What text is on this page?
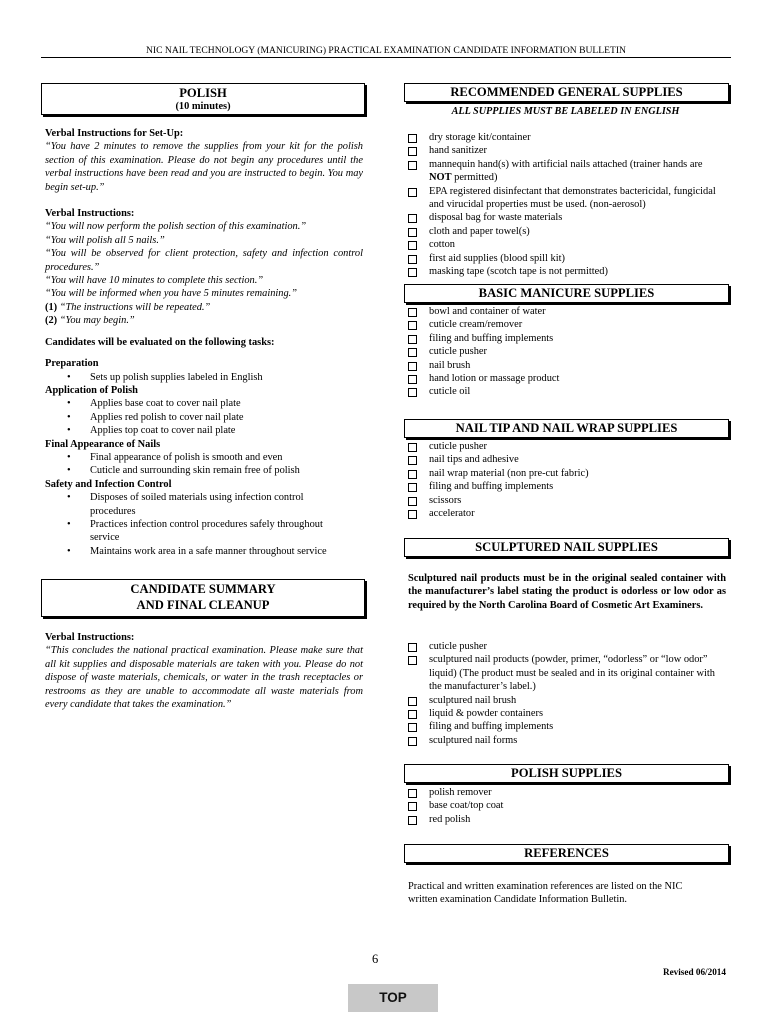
NIC NAIL TECHNOLOGY (MANICURING) PRACTICAL EXAMINATION CANDIDATE INFORMATION BULLETIN
POLISH
(10 minutes)

Verbal Instructions for Set-Up:

“You have 2 minutes to remove the supplies from your kit for the polish section of this examination. Please do not begin any procedures until the verbal instructions have been read and you are instructed to begin. You may begin set-up.”

Verbal Instructions:

“You will now perform the polish section of this examination.”

“You will polish all 5 nails.”

“You will be observed for client protection, safety and infection control procedures.”

“You will have 10 minutes to complete this section.”

“You will be informed when you have 5 minutes remaining.”

(1) “The instructions will be repeated.”

(2) “You may begin.”

Candidates will be evaluated on the following tasks:

Preparation

• Sets up polish supplies labeled in English

Application of Polish

• Applies base coat to cover nail plate
• Applies red polish to cover nail plate
• Applies top coat to cover nail plate

Final Appearance of Nails

• Final appearance of polish is smooth and even
• Cuticle and surrounding skin remain free of polish

Safety and Infection Control

• Disposes of soiled materials using infection control procedures
• Practices infection control procedures safely throughout service
• Maintains work area in a safe manner throughout service
CANDIDATE SUMMARY
AND FINAL CLEANUP

Verbal Instructions:

“This concludes the national practical examination. Please make sure that all kit supplies and disposable materials are taken with you. Please do not dispose of waste materials, chemicals, or water in the trash receptacles or restrooms as they are unable to accommodate all waste materials from every candidate that takes the examination.”

RECOMMENDED GENERAL SUPPLIES
ALL SUPPLIES MUST BE LABELED IN ENGLISH
dry storage kit/container
hand sanitizer
mannequin hand(s) with artificial nails attached (trainer hands are NOT permitted)
EPA registered disinfectant that demonstrates bactericidal, fungicidal and virucidal properties must be used. (non-aerosol)
disposal bag for waste materials
cloth and paper towel(s)
cotton
first aid supplies (blood spill kit)
masking tape (scotch tape is not permitted)
BASIC MANICURE SUPPLIES
bowl and container of water
cuticle cream/remover
filing and buffing implements
cuticle pusher
nail brush
hand lotion or massage product
cuticle oil
NAIL TIP AND NAIL WRAP SUPPLIES
cuticle pusher
nail tips and adhesive
nail wrap material (non pre-cut fabric)
filing and buffing implements
scissors
accelerator
SCULPTURED NAIL SUPPLIES

Sculptured nail products must be in the original sealed container with the manufacturer’s label stating the product is odorless or low odor as required by the North Carolina Board of Cosmetic Art Examiners.

cuticle pusher
sculptured nail products (powder, primer, “odorless” or “low odor” liquid) (The product must be sealed and in its original container with the manufacturer’s label.)
sculptured nail brush
liquid & powder containers
filing and buffing implements
sculptured nail forms
POLISH SUPPLIES
polish remover
base coat/top coat
red polish
REFERENCES

Practical and written examination references are listed on the NIC written examination Candidate Information Bulletin.

6
Revised 06/2014
TOP
